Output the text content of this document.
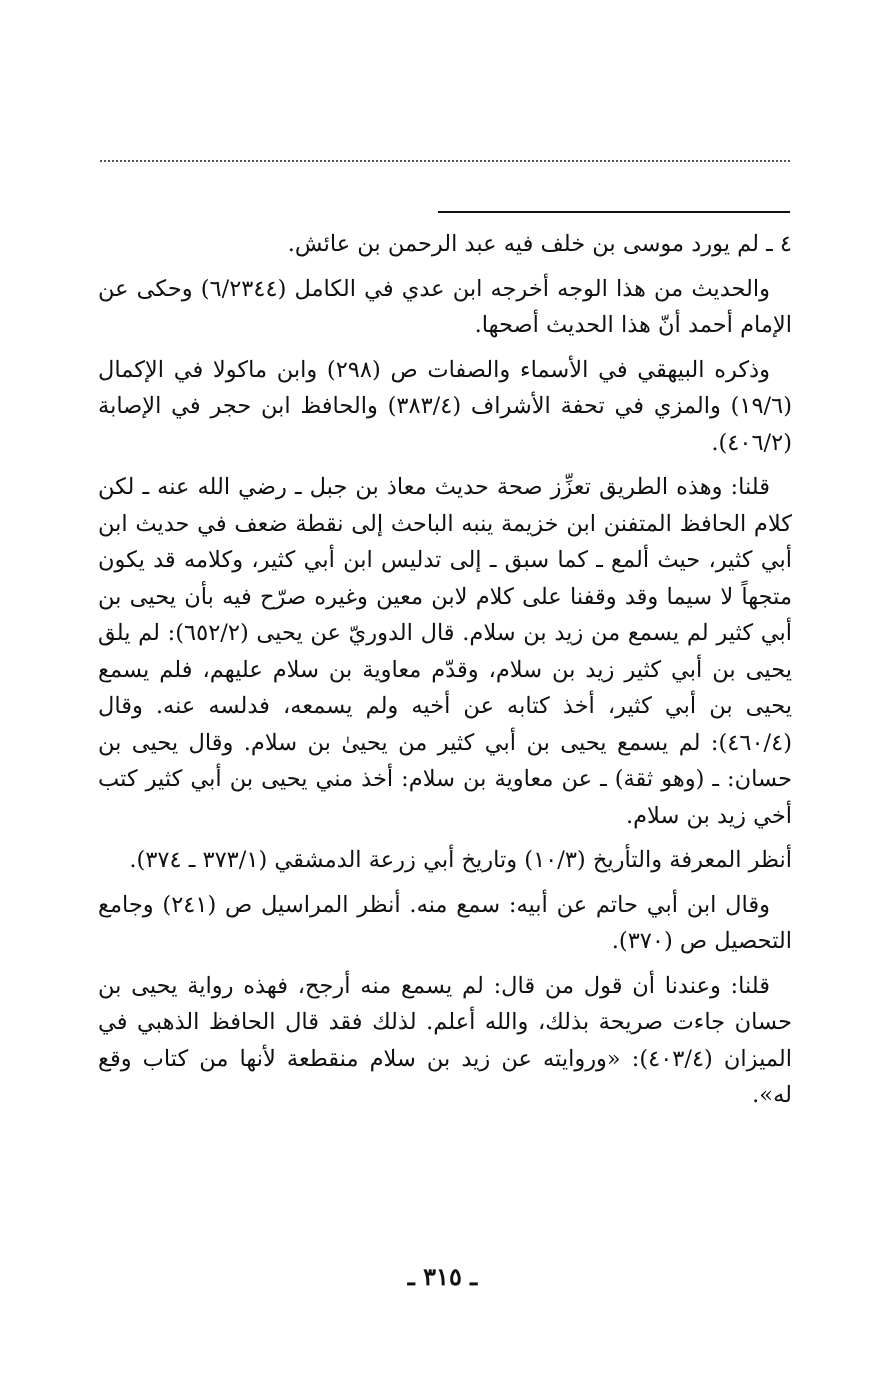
٤ ـ لم يورد موسى بن خلف فيه عبد الرحمن بن عائش.

والحديث من هذا الوجه أخرجه ابن عدي في الكامل (٦/٢٣٤٤) وحكى عن الإمام أحمد أنّ هذا الحديث أصحها.

وذكره البيهقي في الأسماء والصفات ص (٢٩٨) وابن ماكولا في الإكمال (١٩/٦) والمزي في تحفة الأشراف (٣٨٣/٤) والحافظ ابن حجر في الإصابة (٤٠٦/٢).

قلنا: وهذه الطريق تعزِّز صحة حديث معاذ بن جبل ـ رضي الله عنه ـ لكن كلام الحافظ المتفنن ابن خزيمة ينبه الباحث إلى نقطة ضعف في حديث ابن أبي كثير، حيث ألمع ـ كما سبق ـ إلى تدليس ابن أبي كثير، وكلامه قد يكون متجهاً لا سيما وقد وقفنا على كلام لابن معين وغيره صرّح فيه بأن يحيى بن أبي كثير لم يسمع من زيد بن سلام. قال الدوريّ عن يحيى (٦٥٢/٢): لم يلق يحيى بن أبي كثير زيد بن سلام، وقدّم معاوية بن سلام عليهم، فلم يسمع يحيى بن أبي كثير، أخذ كتابه عن أخيه ولم يسمعه، فدلسه عنه. وقال (٤٦٠/٤): لم يسمع يحيى بن أبي كثير من يحيىٰ بن سلام. وقال يحيى بن حسان: ـ (وهو ثقة) ـ عن معاوية بن سلام: أخذ مني يحيى بن أبي كثير كتب أخي زيد بن سلام.

أنظر المعرفة والتأريخ (١٠/٣) وتاريخ أبي زرعة الدمشقي (٣٧٣/١ ـ ٣٧٤).

وقال ابن أبي حاتم عن أبيه: سمع منه. أنظر المراسيل ص (٢٤١) وجامع التحصيل ص (٣٧٠).

قلنا: وعندنا أن قول من قال: لم يسمع منه أرجح، فهذه رواية يحيى بن حسان جاءت صريحة بذلك، والله أعلم. لذلك فقد قال الحافظ الذهبي في الميزان (٤٠٣/٤): «وروايته عن زيد بن سلام منقطعة لأنها من كتاب وقع له».

ـ ٣١٥ ـ
